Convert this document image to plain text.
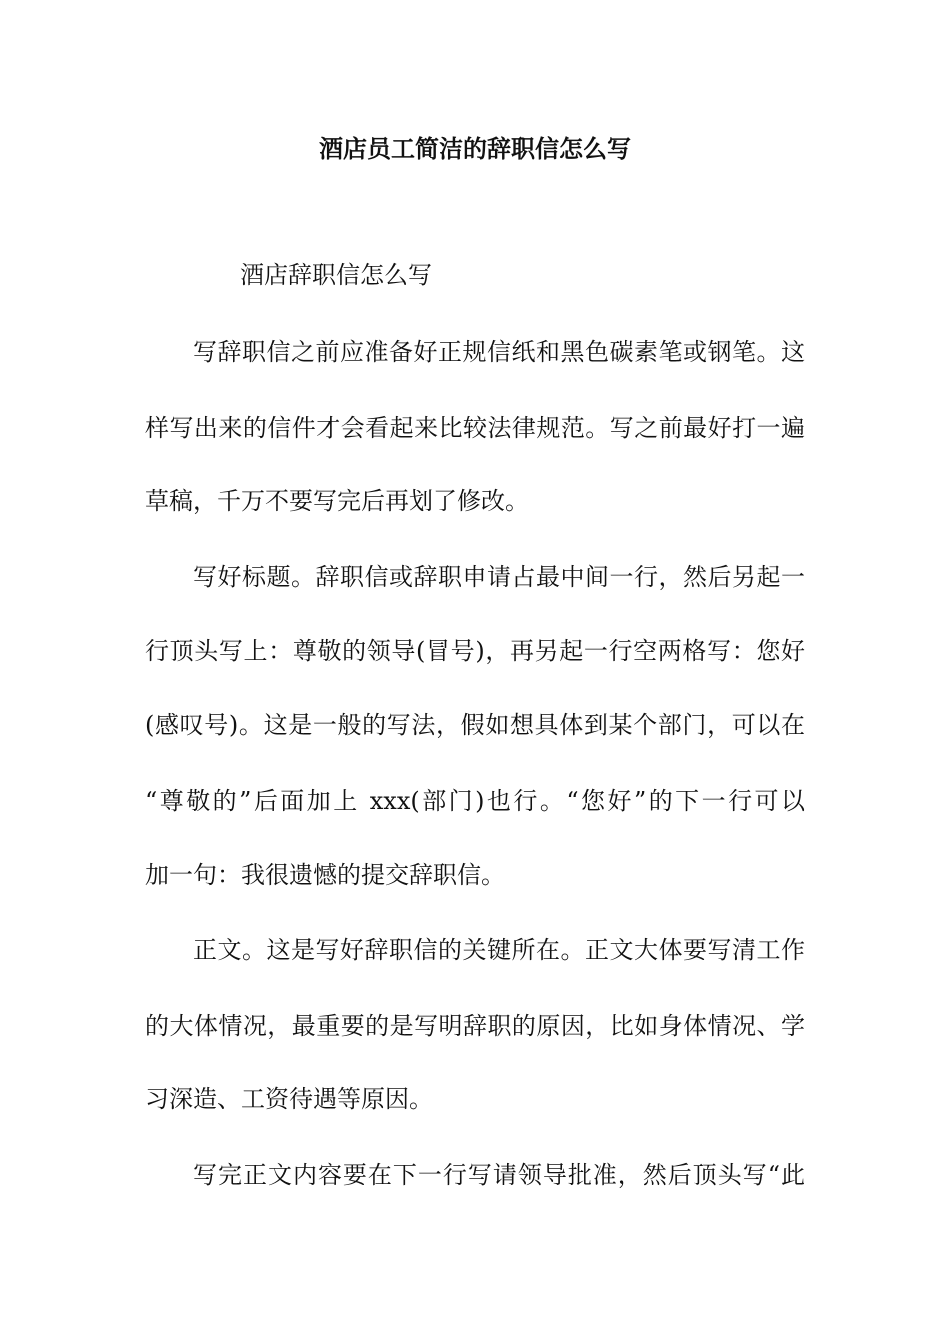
酒店员工简洁的辞职信怎么写
酒店辞职信怎么写
写辞职信之前应准备好正规信纸和黑色碳素笔或钢笔。这
样写出来的信件才会看起来比较法律规范。写之前最好打一遍
草稿，千万不要写完后再划了修改。
写好标题。辞职信或辞职申请占最中间一行，然后另起一
行顶头写上：尊敬的领导(冒号)，再另起一行空两格写：您好
(感叹号)。这是一般的写法，假如想具体到某个部门，可以在
“尊敬的”后面加上 xxx(部门)也行。“您好”的下一行可以
加一句：我很遗憾的提交辞职信。
正文。这是写好辞职信的关键所在。正文大体要写清工作
的大体情况，最重要的是写明辞职的原因，比如身体情况、学
习深造、工资待遇等原因。
写完正文内容要在下一行写请领导批准，然后顶头写“此
